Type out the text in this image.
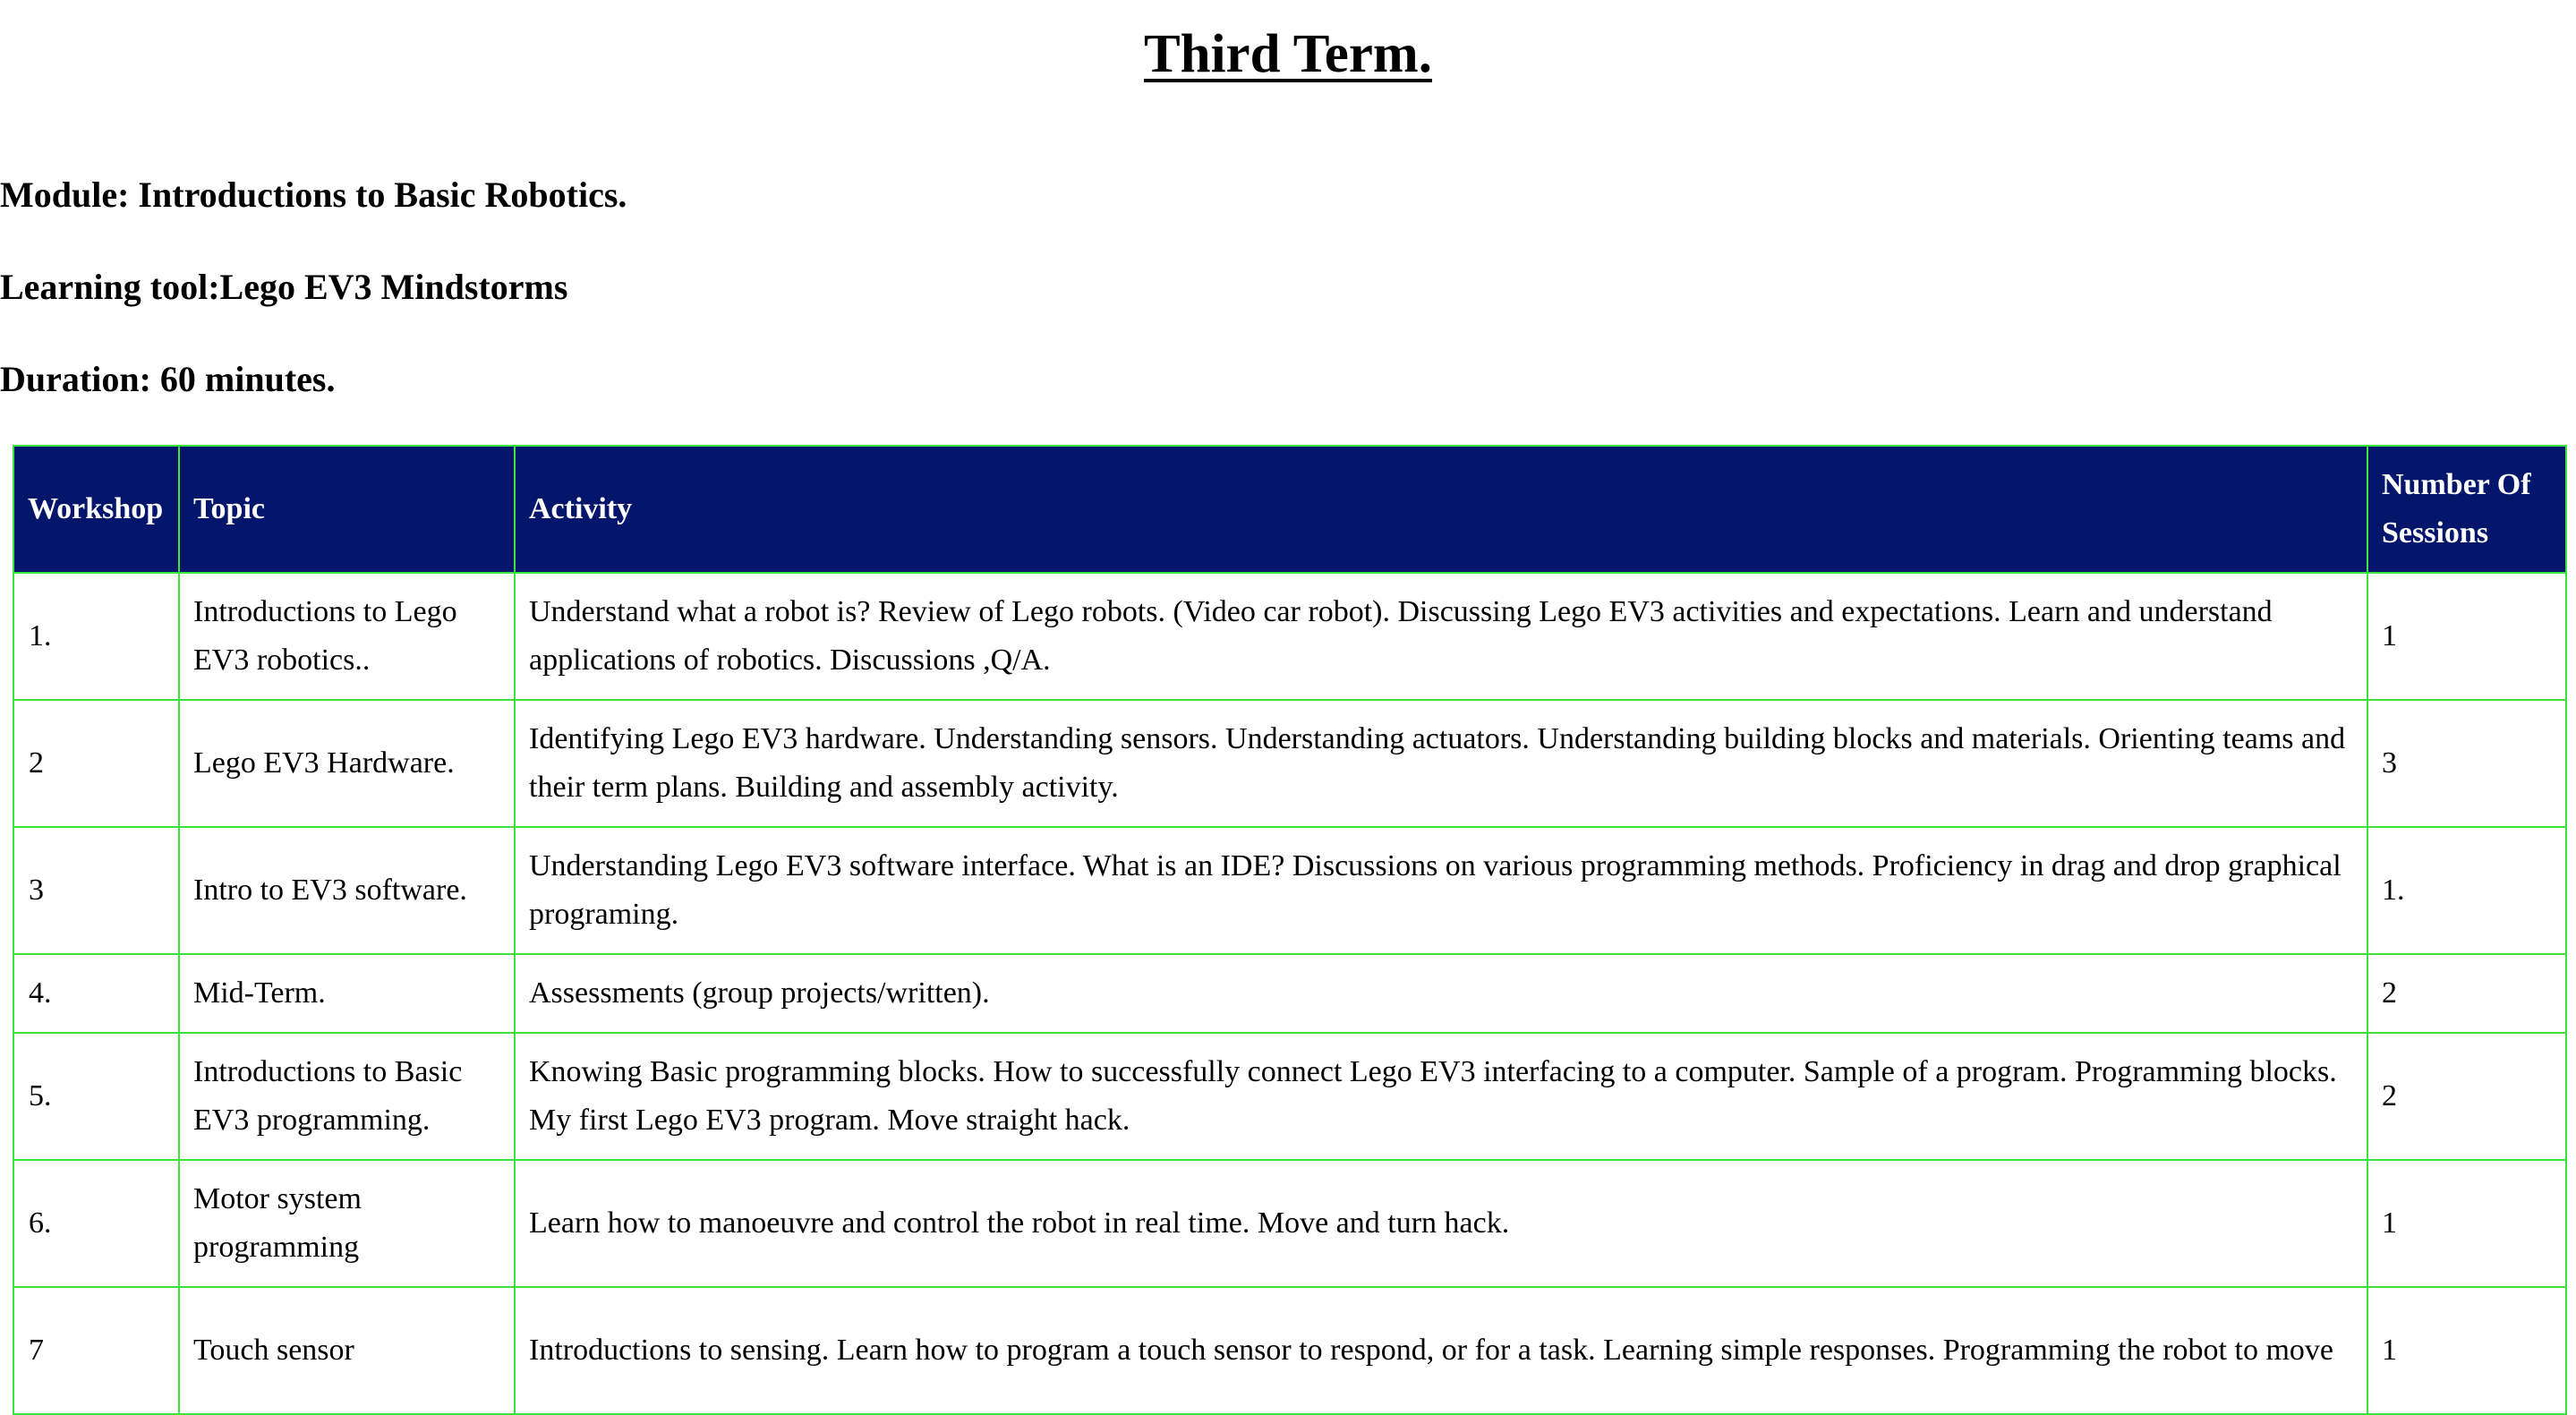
Third Term.
Module: Introductions to Basic Robotics.
Learning tool:Lego EV3 Mindstorms
Duration: 60 minutes.
Workshop	Topic	Activity	Number Of Sessions
1.	Introductions to Lego EV3 robotics..	Understand what a robot is? Review of Lego robots. (Video car robot). Discussing Lego EV3 activities and expectations. Learn and understand applications of robotics. Discussions ,Q/A.	1
2	Lego EV3 Hardware.	Identifying Lego EV3 hardware. Understanding sensors. Understanding actuators. Understanding building blocks and materials. Orienting teams and their term plans. Building and assembly activity.	3
3	Intro to EV3 software.	Understanding Lego EV3 software interface. What is an IDE? Discussions on various programming methods. Proficiency in drag and drop graphical programing.	1.
4.	Mid-Term.	Assessments (group projects/written).	2
5.	Introductions to Basic EV3 programming.	Knowing Basic programming blocks. How to successfully connect Lego EV3 interfacing to a computer. Sample of a program. Programming blocks. My first Lego EV3 program. Move straight hack.	2
6.	Motor system programming	Learn how to manoeuvre and control the robot in real time. Move and turn hack.	1
7	Touch sensor	Introductions to sensing. Learn how to program a touch sensor to respond, or for a task. Learning simple responses. Programming the robot to move	1
